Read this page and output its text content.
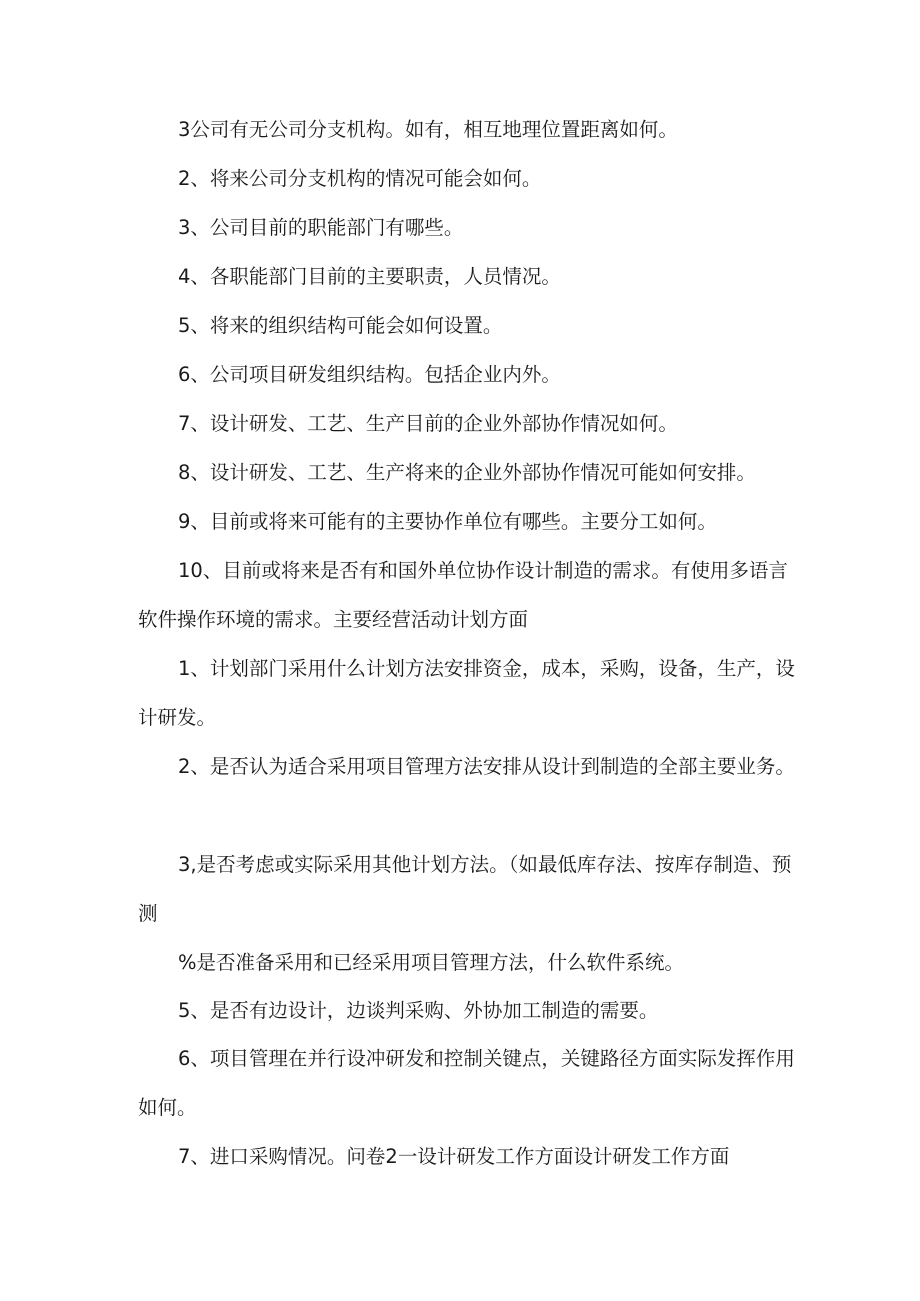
3公司有无公司分支机构。如有，相互地理位置距离如何。

2、将来公司分支机构的情况可能会如何。

3、公司目前的职能部门有哪些。

4、各职能部门目前的主要职责，人员情况。

5、将来的组织结构可能会如何设置。

6、公司项目研发组织结构。包括企业内外。

7、设计研发、工艺、生产目前的企业外部协作情况如何。

8、设计研发、工艺、生产将来的企业外部协作情况可能如何安排。

9、目前或将来可能有的主要协作单位有哪些。主要分工如何。

10、目前或将来是否有和国外单位协作设计制造的需求。有使用多语言软件操作环境的需求。主要经营活动计划方面

1、计划部门采用什么计划方法安排资金，成本，采购，设备，生产，设计研发。

2、是否认为适合采用项目管理方法安排从设计到制造的全部主要业务。

3,是否考虑或实际采用其他计划方法。（如最低库存法、按库存制造、预测

%是否准备采用和已经采用项目管理方法，什么软件系统。

5、是否有边设计，边谈判采购、外协加工制造的需要。

6、项目管理在并行设冲研发和控制关键点，关键路径方面实际发挥作用如何。

7、进口采购情况。问卷2一设计研发工作方面设计研发工作方面
